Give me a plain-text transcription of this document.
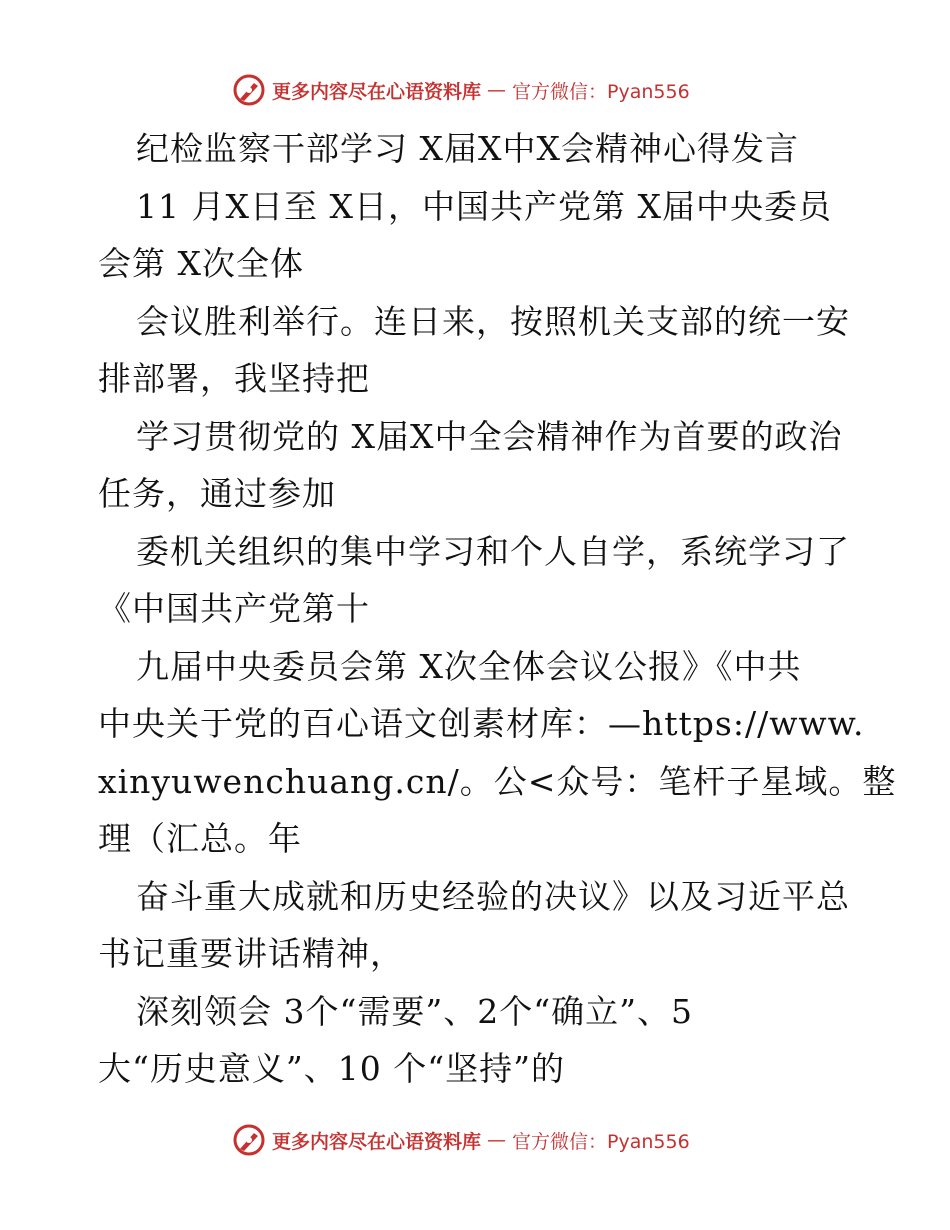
更多内容尽在心语资料库 — 官方微信：Pyan556
纪检监察干部学习 X届X中X会精神心得发言
11 月X日至 X日，中国共产党第 X届中央委员
会第 X次全体
会议胜利举行。连日来，按照机关支部的统一安
排部署，我坚持把
学习贯彻党的 X届X中全会精神作为首要的政治
任务，通过参加
委机关组织的集中学习和个人自学，系统学习了
《中国共产党第十
九届中央委员会第 X次全体会议公报》《中共
中央关于党的百心语文创素材库：—https://www.
xinyuwenchuang.cn/。公<众号：笔杆子星域。整
理（汇总。年
奋斗重大成就和历史经验的决议》以及习近平总
书记重要讲话精神，
深刻领会 3个“需要”、2个“确立”、5
大“历史意义”、10 个“坚持”的
更多内容尽在心语资料库 — 官方微信：Pyan556
